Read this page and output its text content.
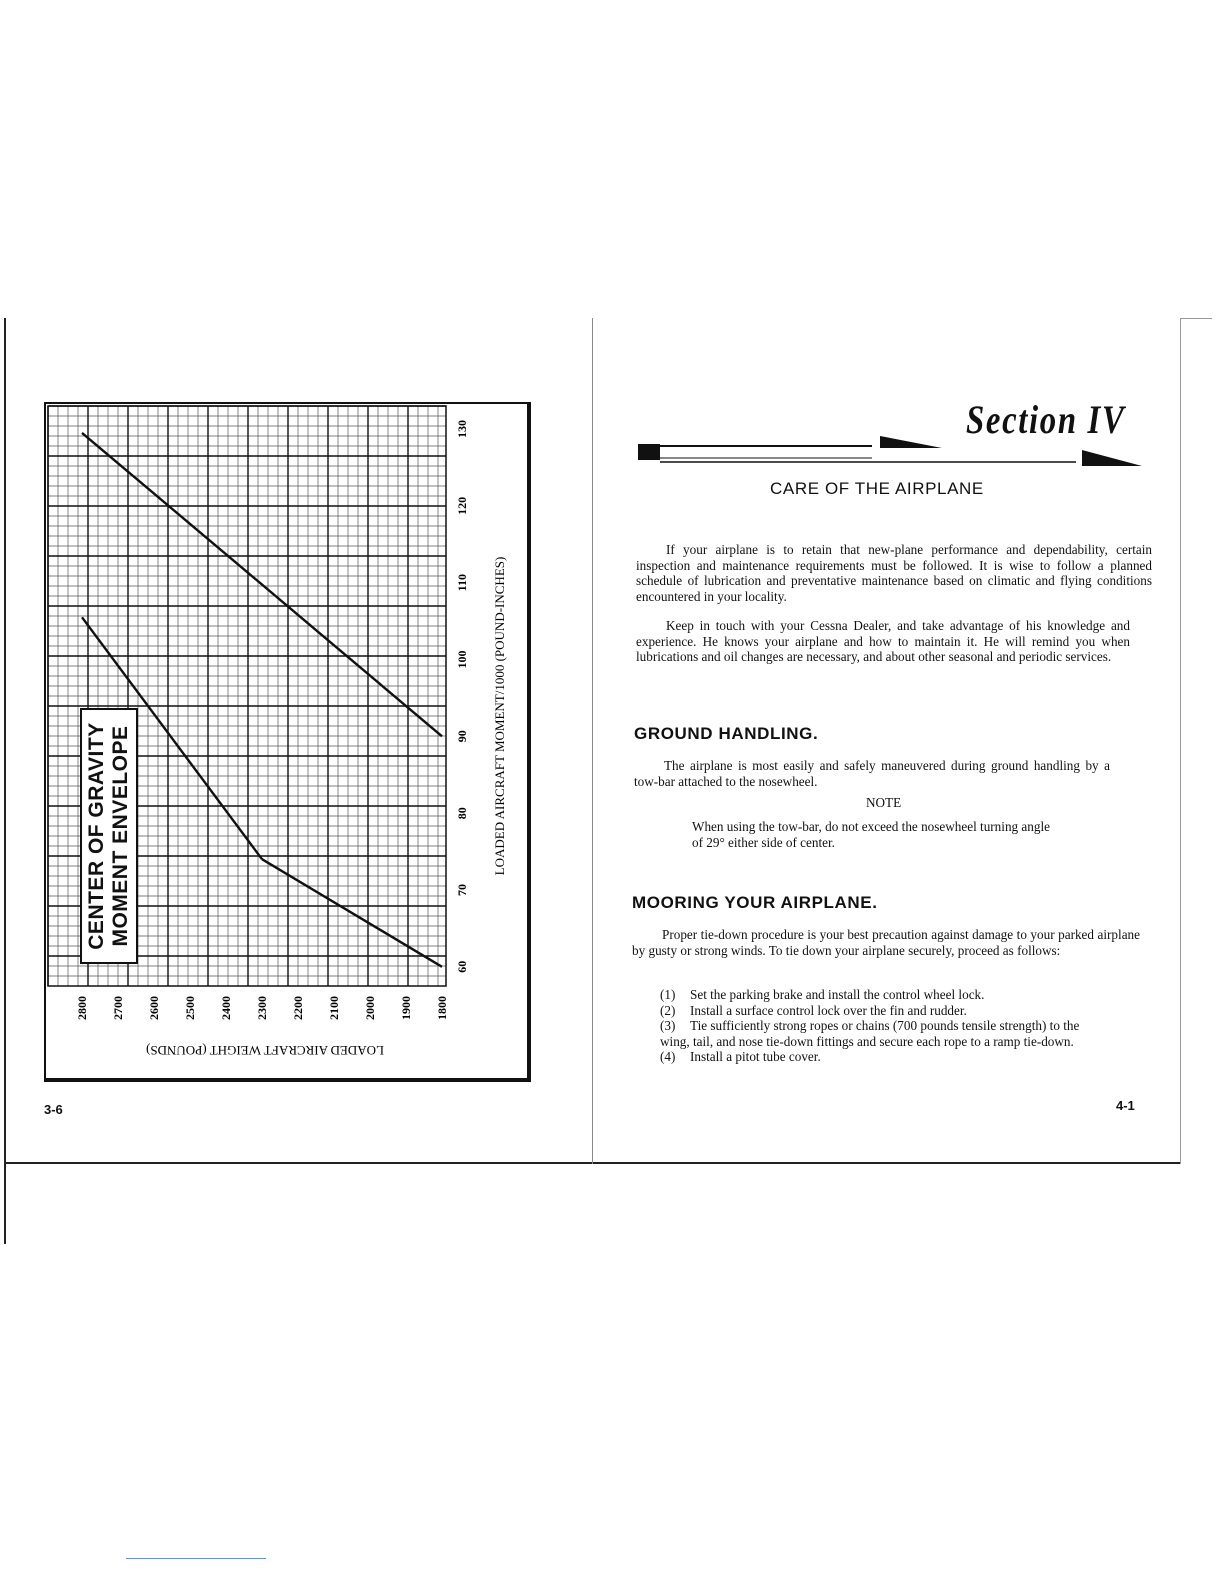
60
70
80
90
100
110
120
130
2800 2700 2600 2500 2400 2300 2200 2100 2000 1900 1800
LOADED AIRCRAFT MOMENT/1000 (POUND-INCHES)
LOADED AIRCRAFT WEIGHT (POUNDS)
CENTER OF GRAVITY MOMENT ENVELOPE
3-6
Section IV
CARE OF THE AIRPLANE

If your airplane is to retain that new-plane performance and dependability, certain inspection and maintenance requirements must be followed. It is wise to follow a planned schedule of lubrication and preventative maintenance based on climatic and flying conditions encountered in your locality.

Keep in touch with your Cessna Dealer, and take advantage of his knowledge and experience. He knows your airplane and how to maintain it. He will remind you when lubrications and oil changes are necessary, and about other seasonal and periodic services.

GROUND HANDLING.

The airplane is most easily and safely maneuvered during ground handling by a tow-bar attached to the nosewheel.

NOTE
When using the tow-bar, do not exceed the nosewheel turning angle of 29° either side of center.
MOORING YOUR AIRPLANE.

Proper tie-down procedure is your best precaution against damage to your parked airplane by gusty or strong winds. To tie down your airplane securely, proceed as follows:

(1)	Set the parking brake and install the control wheel lock.
(2)	Install a surface control lock over the fin and rudder.
(3) Tie sufficiently strong ropes or chains (700 pounds tensile strength) to the wing, tail, and nose tie-down fittings and secure each rope to a ramp tie-down.
(4)	Install a pitot tube cover.
4-1
